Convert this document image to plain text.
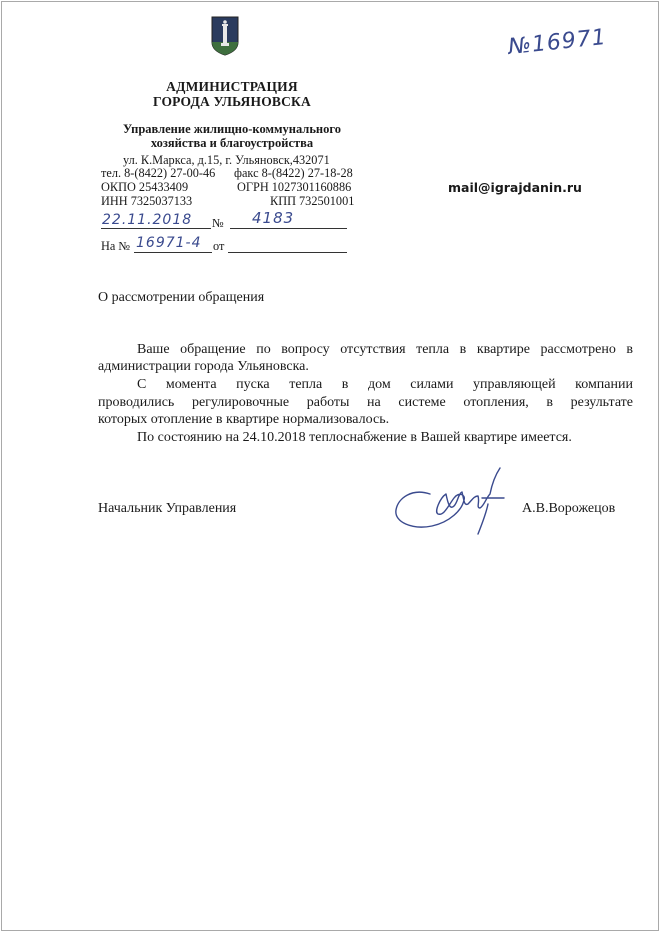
№16971
АДМИНИСТРАЦИЯ
ГОРОДА УЛЬЯНОВСКА
Управление жилищно-коммунального
хозяйства и благоустройства
ул. К.Маркса, д.15, г. Ульяновск,432071
тел. 8-(8422) 27-00-46 факс 8-(8422) 27-18-28
ОКПО 25433409	ОГРН 1027301160886
ИНН 7325037133	КПП 732501001
mail@igrajdanin.ru
22.11.2018 № 4183
На № 16971-4 от
О рассмотрении обращения
Ваше обращение по вопросу отсутствия тепла в квартире рассмотрено в
администрации города Ульяновска.
С момента пуска тепла в дом силами управляющей компании
проводились регулировочные работы на системе отопления, в результате
которых отопление в квартире нормализовалось.
По состоянию на 24.10.2018 теплоснабжение в Вашей квартире имеется.
Начальник Управления	А.В.Ворожецов
